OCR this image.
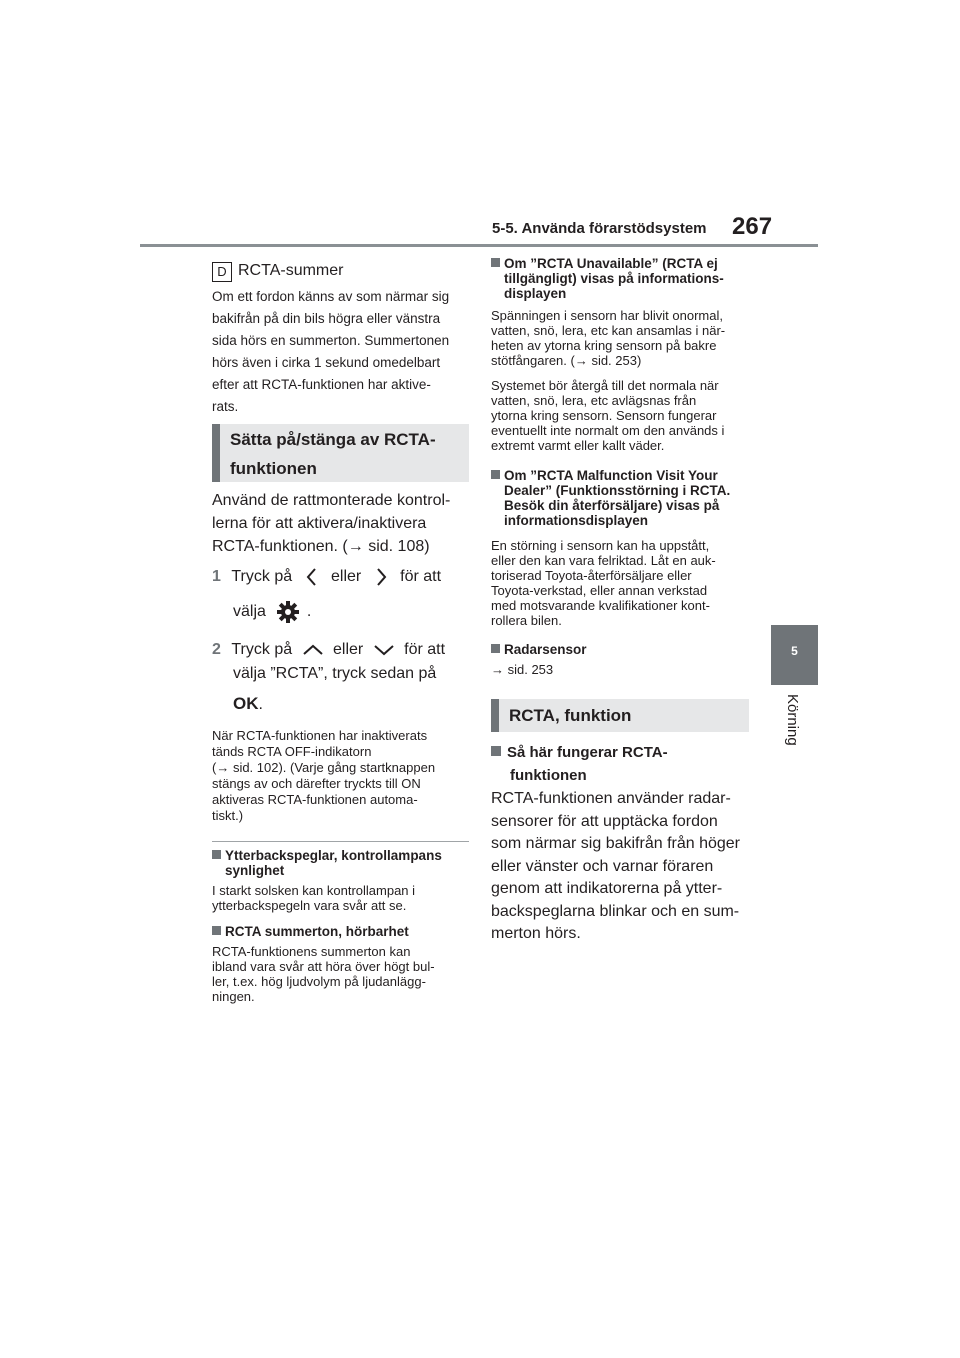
5-5. Använda förarstödsystem 267
5
Körning
D RCTA-summer
Om ett fordon känns av som närmar sig
bakifrån på din bils högra eller vänstra
sida hörs en summerton. Summertonen
hörs även i cirka 1 sekund omedelbart
efter att RCTA-funktionen har aktive-
rats.
Sätta på/stänga av RCTA-
funktionen
Använd de rattmonterade kontrol-
lerna för att aktivera/inaktivera
RCTA-funktionen. (→ sid. 108)
1 Tryck på eller för att
välja	.
2 Tryck på	eller	för att
välja ”RCTA”, tryck sedan på
OK.
När RCTA-funktionen har inaktiverats
tänds RCTA OFF-indikatorn
(→ sid. 102). (Varje gång startknappen
stängs av och därefter tryckts till ON
aktiveras RCTA-funktionen automa-
tiskt.)
Ytterbackspeglar, kontrollampans
synlighet
I starkt solsken kan kontrollampan i
ytterbackspegeln vara svår att se.
RCTA summerton, hörbarhet
RCTA-funktionens summerton kan
ibland vara svår att höra över högt bul-
ler, t.ex. hög ljudvolym på ljudanlägg-
ningen.
Om ”RCTA Unavailable” (RCTA ej
tillgängligt) visas på informations-
displayen
Spänningen i sensorn har blivit onormal,
vatten, snö, lera, etc kan ansamlas i när-
heten av ytorna kring sensorn på bakre
stötfångaren. (→ sid. 253)
Systemet bör återgå till det normala när
vatten, snö, lera, etc avlägsnas från
ytorna kring sensorn. Sensorn fungerar
eventuellt inte normalt om den används i
extremt varmt eller kallt väder.
Om ”RCTA Malfunction Visit Your
Dealer” (Funktionsstörning i RCTA.
Besök din återförsäljare) visas på
informationsdisplayen
En störning i sensorn kan ha uppstått,
eller den kan vara felriktad. Låt en auk-
toriserad Toyota-återförsäljare eller
Toyota-verkstad, eller annan verkstad
med motsvarande kvalifikationer kont-
rollera bilen.
Radarsensor
→ sid. 253
RCTA, funktion
Så här fungerar RCTA-
funktionen
RCTA-funktionen använder radar-
sensorer för att upptäcka fordon
som närmar sig bakifrån från höger
eller vänster och varnar föraren
genom att indikatorerna på ytter-
backspeglarna blinkar och en sum-
merton hörs.
